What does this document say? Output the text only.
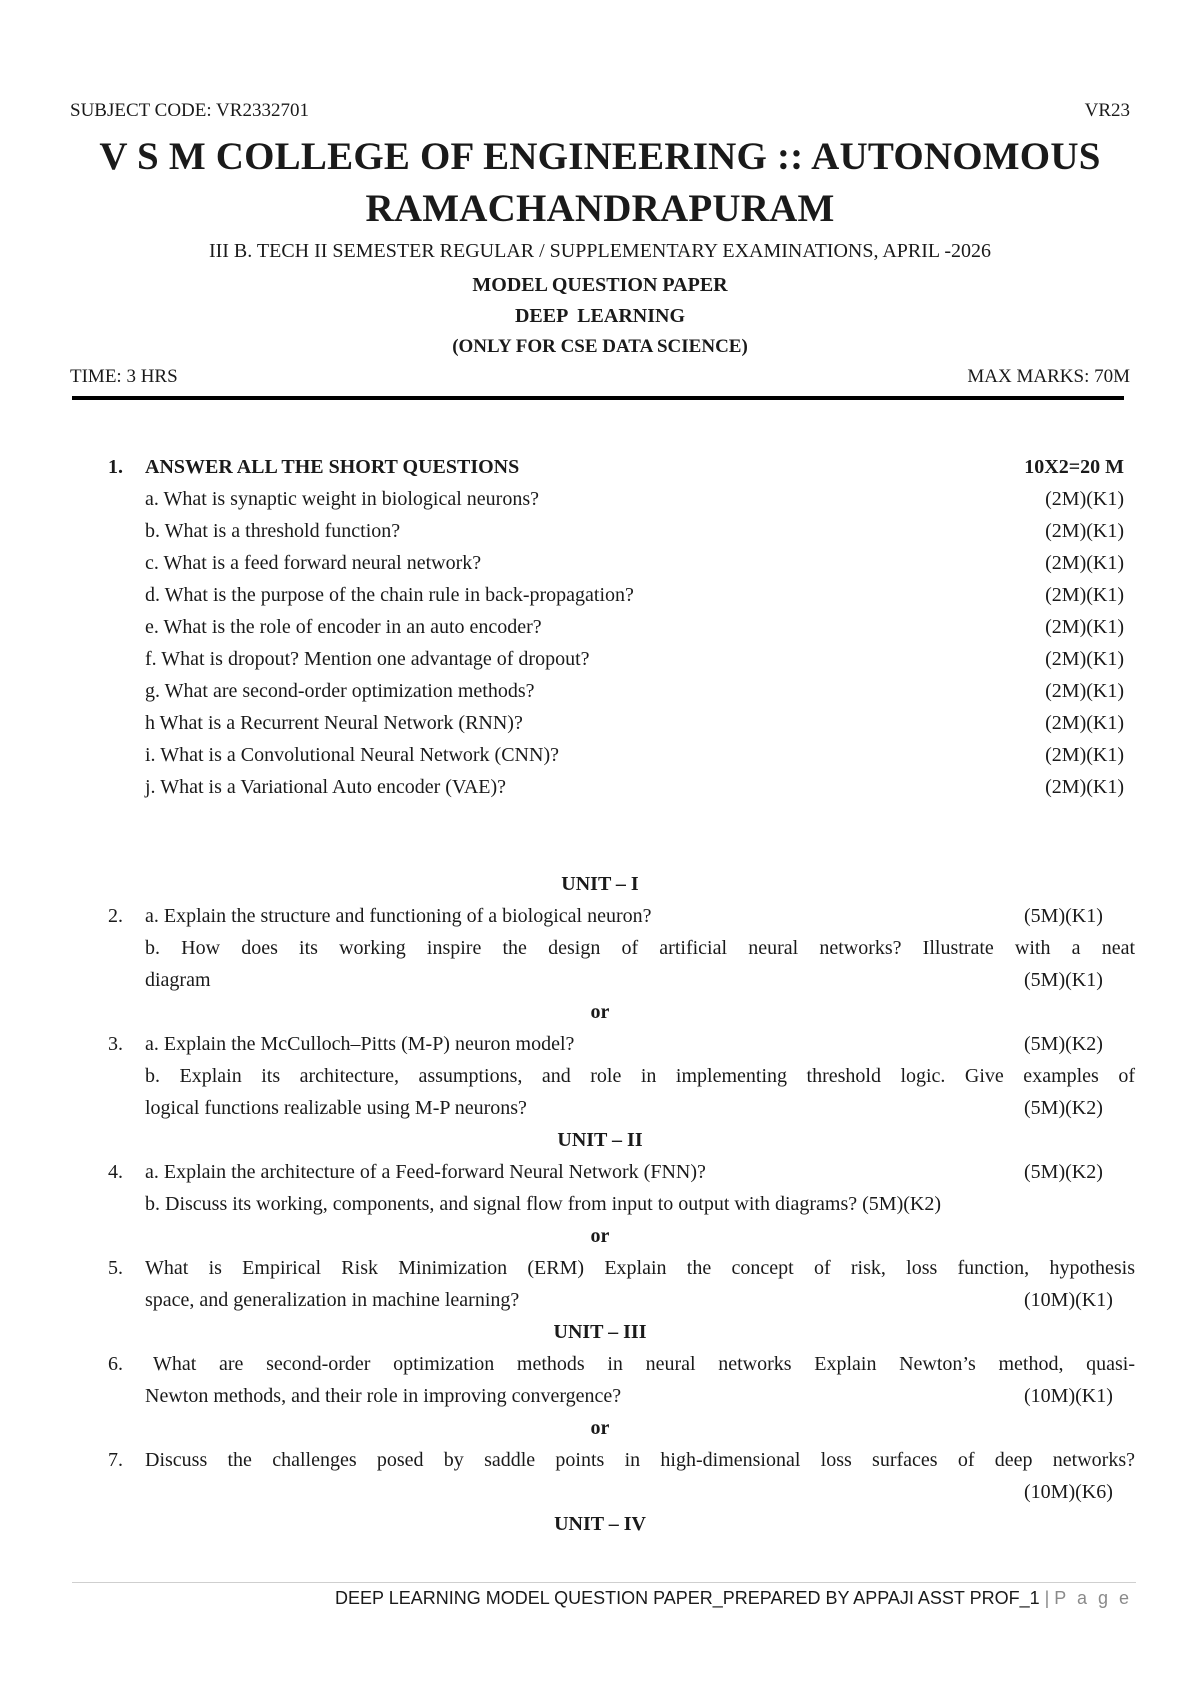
SUBJECT CODE: VR2332701	VR23
V S M COLLEGE OF ENGINEERING :: AUTONOMOUS
RAMACHANDRAPURAM
III B. TECH II SEMESTER REGULAR / SUPPLEMENTARY EXAMINATIONS, APRIL -2026
MODEL QUESTION PAPER
DEEP  LEARNING
(ONLY FOR CSE DATA SCIENCE)
TIME: 3 HRS	MAX MARKS: 70M
1. ANSWER ALL THE SHORT QUESTIONS	10X2=20 M
a. What is synaptic weight in biological neurons?	(2M)(K1)
b. What is a threshold function?	(2M)(K1)
c. What is a feed forward neural network?	(2M)(K1)
d. What is the purpose of the chain rule in back-propagation?	(2M)(K1)
e. What is the role of encoder in an auto encoder?	(2M)(K1)
f. What is dropout? Mention one advantage of dropout?	(2M)(K1)
g. What are second-order optimization methods?	(2M)(K1)
h What is a Recurrent Neural Network (RNN)?	(2M)(K1)
i. What is a Convolutional Neural Network (CNN)?	(2M)(K1)
j. What is a Variational Auto encoder (VAE)?	(2M)(K1)
UNIT – I
2. a. Explain the structure and functioning of a biological neuron?	(5M)(K1)
b. How does its working inspire the design of artificial neural networks? Illustrate with a neat
diagram	(5M)(K1)
or
3. a. Explain the McCulloch–Pitts (M-P) neuron model?	(5M)(K2)
b. Explain its architecture, assumptions, and role in implementing threshold logic. Give examples of
logical functions realizable using M-P neurons?	(5M)(K2)
UNIT – II
4. a. Explain the architecture of a Feed-forward Neural Network (FNN)?	(5M)(K2)
b. Discuss its working, components, and signal flow from input to output with diagrams? (5M)(K2)
or
5. What is Empirical Risk Minimization (ERM) Explain the concept of risk, loss function, hypothesis
space, and generalization in machine learning?	(10M)(K1)
UNIT – III
6. What are second-order optimization methods in neural networks Explain Newton’s method, quasi-
Newton methods, and their role in improving convergence?	(10M)(K1)
or
7. Discuss the challenges posed by saddle points in high-dimensional loss surfaces of deep networks?
(10M)(K6)
UNIT – IV
DEEP LEARNING MODEL QUESTION PAPER_PREPARED BY APPAJI ASST PROF_1 | P a g e
